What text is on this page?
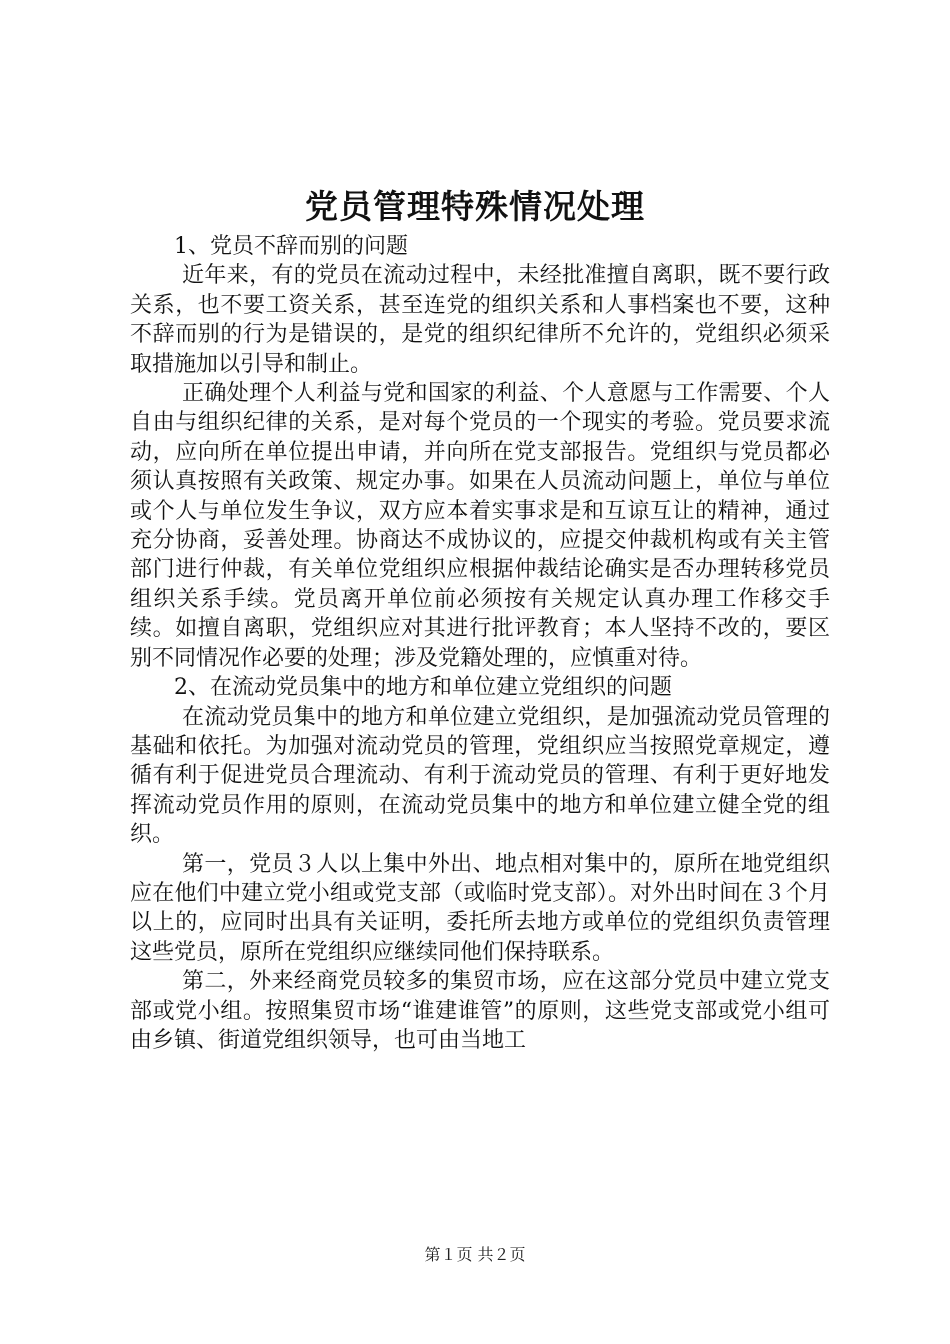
党员管理特殊情况处理

1、党员不辞而别的问题

近年来，有的党员在流动过程中，未经批准擅自离职，既不要行政关系，也不要工资关系，甚至连党的组织关系和人事档案也不要，这种不辞而别的行为是错误的，是党的组织纪律所不允许的，党组织必须采取措施加以引导和制止。

正确处理个人利益与党和国家的利益、个人意愿与工作需要、个人自由与组织纪律的关系，是对每个党员的一个现实的考验。党员要求流动，应向所在单位提出申请，并向所在党支部报告。党组织与党员都必须认真按照有关政策、规定办事。如果在人员流动问题上，单位与单位或个人与单位发生争议，双方应本着实事求是和互谅互让的精神，通过充分协商，妥善处理。协商达不成协议的，应提交仲裁机构或有关主管部门进行仲裁，有关单位党组织应根据仲裁结论确实是否办理转移党员组织关系手续。党员离开单位前必须按有关规定认真办理工作移交手续。如擅自离职，党组织应对其进行批评教育；本人坚持不改的，要区别不同情况作必要的处理；涉及党籍处理的，应慎重对待。

2、在流动党员集中的地方和单位建立党组织的问题

在流动党员集中的地方和单位建立党组织，是加强流动党员管理的基础和依托。为加强对流动党员的管理，党组织应当按照党章规定，遵循有利于促进党员合理流动、有利于流动党员的管理、有利于更好地发挥流动党员作用的原则，在流动党员集中的地方和单位建立健全党的组织。

第一，党员３人以上集中外出、地点相对集中的，原所在地党组织应在他们中建立党小组或党支部（或临时党支部）。对外出时间在３个月以上的，应同时出具有关证明，委托所去地方或单位的党组织负责管理这些党员，原所在党组织应继续同他们保持联系。

第二，外来经商党员较多的集贸市场，应在这部分党员中建立党支部或党小组。按照集贸市场“谁建谁管”的原则，这些党支部或党小组可由乡镇、街道党组织领导，也可由当地工

第１页 共２页
